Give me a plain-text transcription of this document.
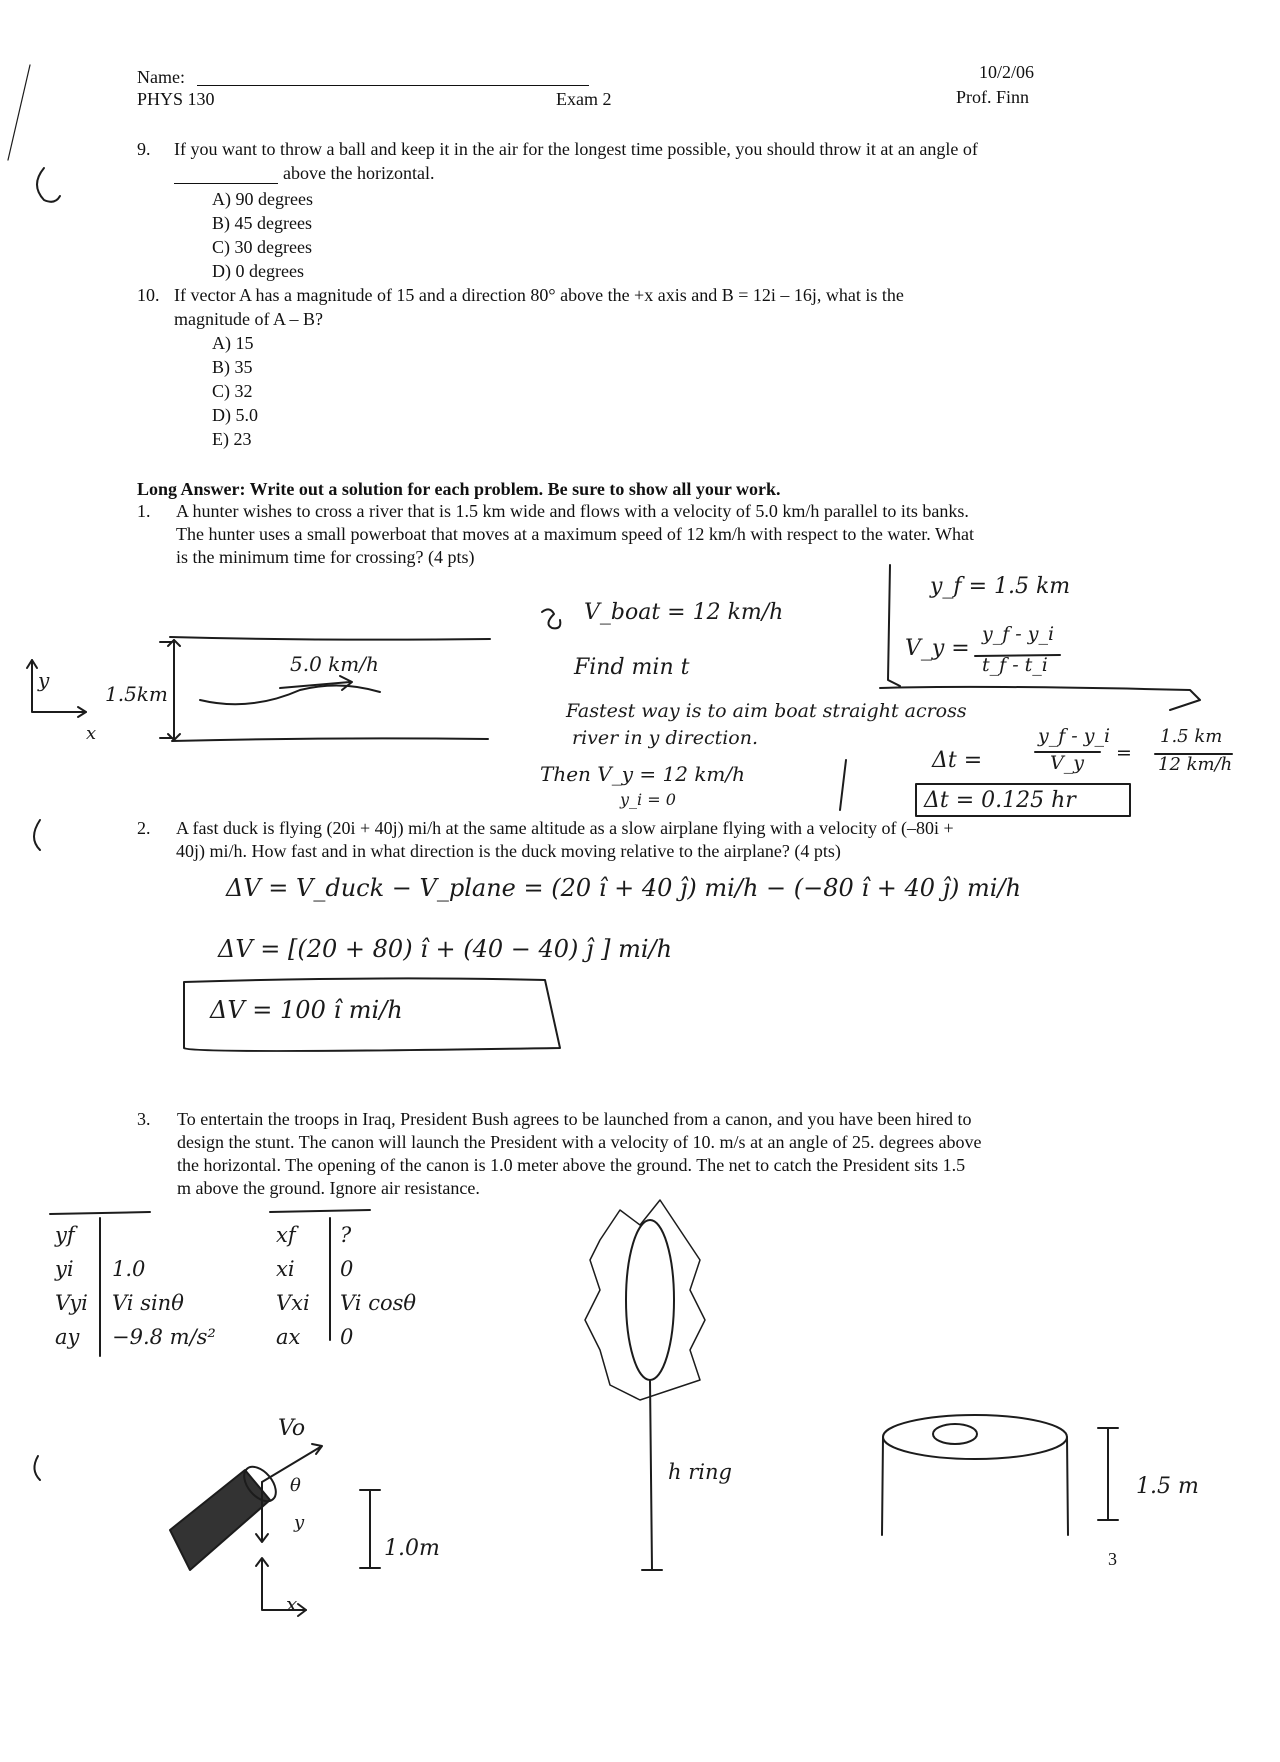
Name:
PHYS 130	Exam 2
10/2/06
Prof. Finn
9. If you want to throw a ball and keep it in the air for the longest time possible, you should throw it at an angle of
above the horizontal.
A) 90 degrees
B) 45 degrees
C) 30 degrees
D) 0 degrees
10. If vector A has a magnitude of 15 and a direction 80° above the +x axis and B = 12i – 16j, what is the
magnitude of A – B?
A) 15
B) 35
C) 32
D) 5.0
E) 23
Long Answer: Write out a solution for each problem. Be sure to show all your work.
1. A hunter wishes to cross a river that is 1.5 km wide and flows with a velocity of 5.0 km/h parallel to its banks.
The hunter uses a small powerboat that moves at a maximum speed of 12 km/h with respect to the water. What
is the minimum time for crossing? (4 pts)
y
x
1.5km
5.0 km/h
V_boat = 12 km/h
Find min t
Fastest way is to aim boat straight across
river in y direction.
Then V_y = 12 km/h
y_i = 0
y_f = 1.5 km
V_y =
y_f - y_i
t_f - t_i
Δt =
y_f - y_i
V_y =
1.5 km
12 km/h
Δt = 0.125 hr
2. A fast duck is flying (20i + 40j) mi/h at the same altitude as a slow airplane flying with a velocity of (–80i +
40j) mi/h. How fast and in what direction is the duck moving relative to the airplane? (4 pts)
ΔV = V_duck − V_plane = (20 î + 40 ĵ) mi/h − (−80 î + 40 ĵ) mi/h
ΔV = [(20 + 80) î + (40 − 40) ĵ ] mi/h
ΔV = 100 î mi/h
3. To entertain the troops in Iraq, President Bush agrees to be launched from a canon, and you have been hired to
design the stunt. The canon will launch the President with a velocity of 10. m/s at an angle of 25. degrees above
the horizontal. The opening of the canon is 1.0 meter above the ground. The net to catch the President sits 1.5
m above the ground. Ignore air resistance.
yf
yi
Vyi
ay
1.0
Vi sinθ
−9.8 m/s²
xf
xi
Vxi
ax
?
0
Vi cosθ
0
Vo
θ
y
x
1.0m
h ring
1.5 m
3
